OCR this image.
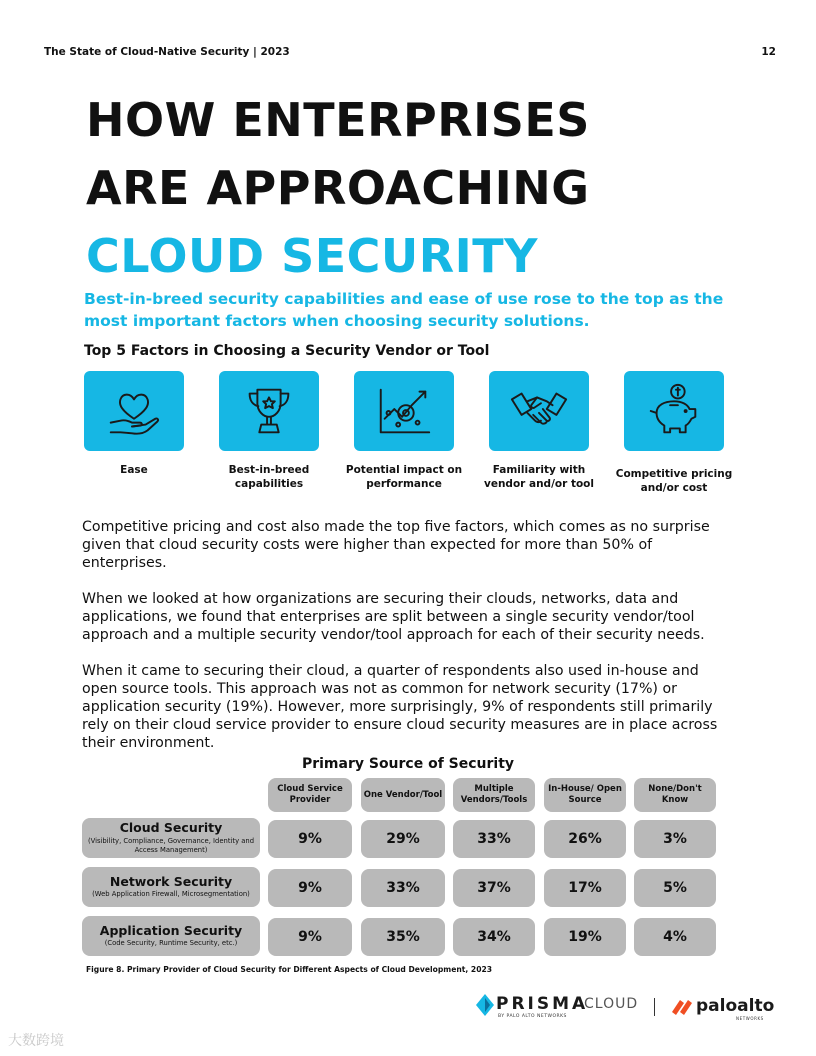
The State of Cloud-Native Security | 2023	12
HOW ENTERPRISES
ARE APPROACHING
CLOUD SECURITY
Best-in-breed security capabilities and ease of use rose to the top as the most important factors when choosing security solutions.
Top 5 Factors in Choosing a Security Vendor or Tool
Ease	Best-in-breed capabilities
Potential impact on performance
Familiarity with vendor and/or tool
Competitive pricing and/or cost

Competitive pricing and cost also made the top five factors, which comes as no surprise given that cloud security costs were higher than expected for more than 50% of enterprises.

When we looked at how organizations are securing their clouds, networks, data and applications, we found that enterprises are split between a single security vendor/tool approach and a multiple security vendor/tool approach for each of their security needs.

When it came to securing their cloud, a quarter of respondents also used in-house and open source tools. This approach was not as common for network security (17%) or application security (19%). However, more surprisingly, 9% of respondents still primarily rely on their cloud service provider to ensure cloud security measures are in place across their environment.

Primary Source of Security
Cloud Service Provider
One Vendor/Tool
Multiple Vendors/Tools
In-House/ Open Source
None/Don't Know
Cloud Security
(Visibility, Compliance, Governance, Identity and Access Management)
9%	29%	33%	26%	3%
Network Security
(Web Application Firewall, Microsegmentation)	9%	33%	37%	17%	5%
Application Security
(Code Security, Runtime Security, etc.)	9%	35%	34%	19%	4%
Figure 8. Primary Provider of Cloud Security for Different Aspects of Cloud Development, 2023
PRISMA
CLOUD
BY PALO ALTO NETWORKS
paloalto
NETWORKS
大数跨境
